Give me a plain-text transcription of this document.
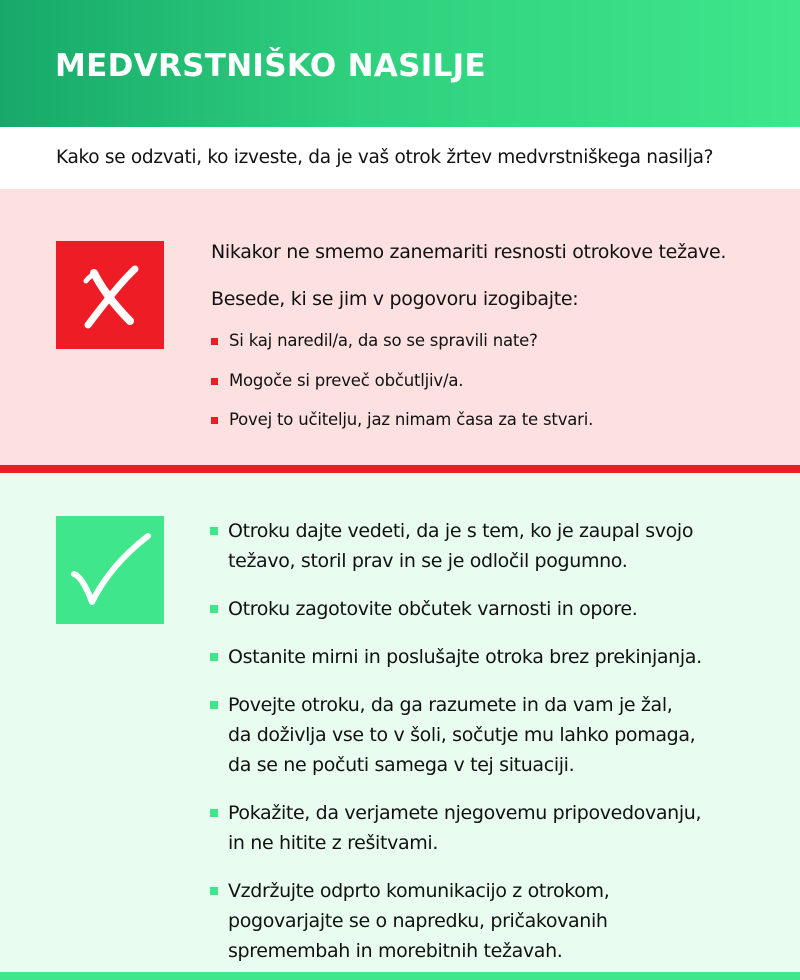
MEDVRSTNIŠKO NASILJE
Kako se odzvati, ko izveste, da je vaš otrok žrtev medvrstniškega nasilja?
Nikakor ne smemo zanemariti resnosti otrokove težave.
Besede, ki se jim v pogovoru izogibajte:
Si kaj naredil/a, da so se spravili nate?
Mogoče si preveč občutljiv/a.
Povej to učitelju, jaz nimam časa za te stvari.
Otroku dajte vedeti, da je s tem, ko je zaupal svojo
težavo, storil prav in se je odločil pogumno.
Otroku zagotovite občutek varnosti in opore.
Ostanite mirni in poslušajte otroka brez prekinjanja.
Povejte otroku, da ga razumete in da vam je žal,
da doživlja vse to v šoli, sočutje mu lahko pomaga,
da se ne počuti samega v tej situaciji.
Pokažite, da verjamete njegovemu pripovedovanju,
in ne hitite z rešitvami.
Vzdržujte odprto komunikacijo z otrokom,
pogovarjajte se o napredku, pričakovanih
spremembah in morebitnih težavah.
